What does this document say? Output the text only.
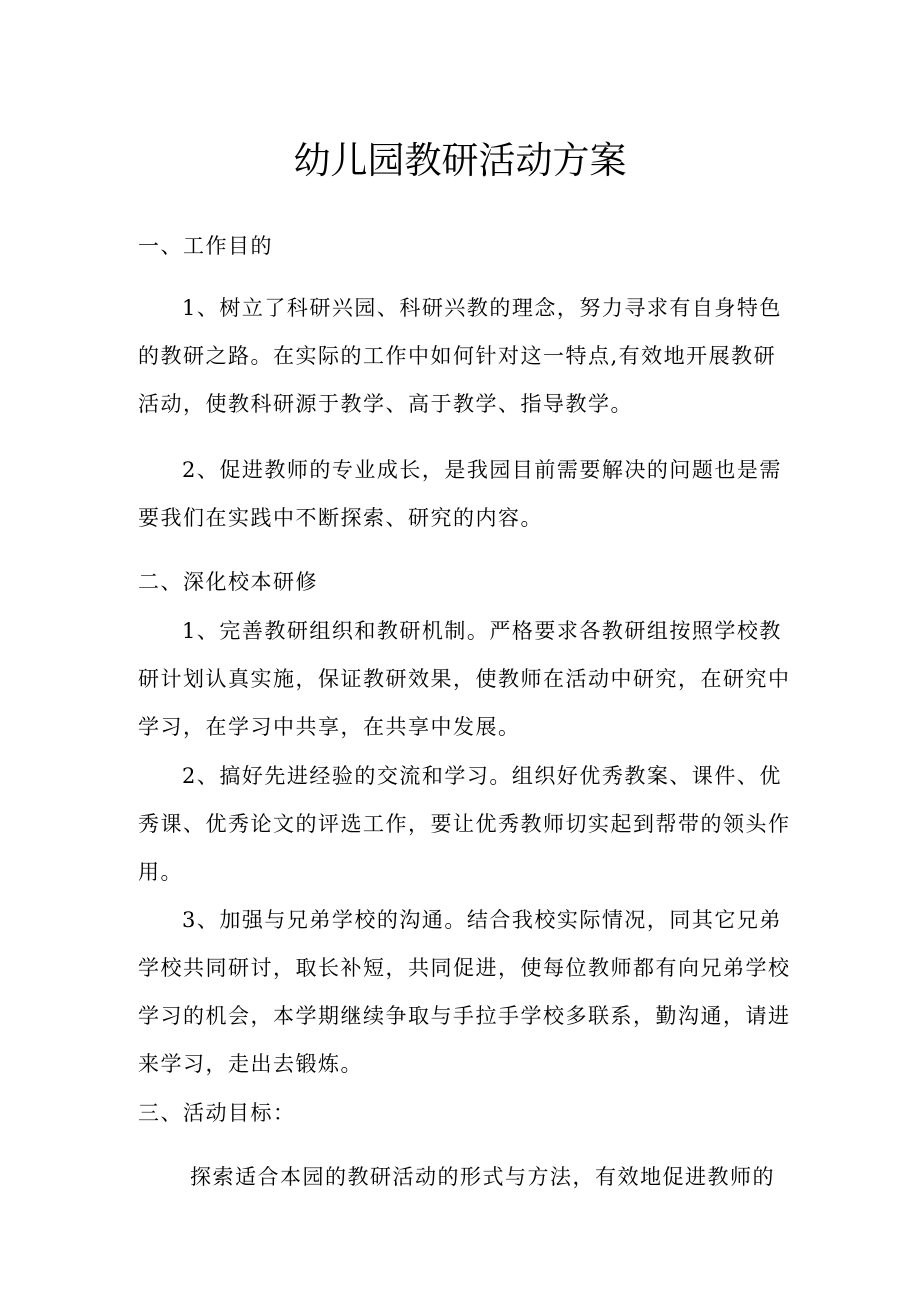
幼儿园教研活动方案
一、工作目的
1、树立了科研兴园、科研兴教的理念，努力寻求有自身特色的教研之路。在实际的工作中如何针对这一特点,有效地开展教研活动，使教科研源于教学、高于教学、指导教学。
2、促进教师的专业成长，是我园目前需要解决的问题也是需要我们在实践中不断探索、研究的内容。
二、深化校本研修
1、完善教研组织和教研机制。严格要求各教研组按照学校教研计划认真实施，保证教研效果，使教师在活动中研究，在研究中学习，在学习中共享，在共享中发展。
2、搞好先进经验的交流和学习。组织好优秀教案、课件、优秀课、优秀论文的评选工作，要让优秀教师切实起到帮带的领头作用。
3、加强与兄弟学校的沟通。结合我校实际情况，同其它兄弟学校共同研讨，取长补短，共同促进，使每位教师都有向兄弟学校学习的机会，本学期继续争取与手拉手学校多联系，勤沟通，请进来学习，走出去锻炼。
三、活动目标：
探索适合本园的教研活动的形式与方法，有效地促进教师的
